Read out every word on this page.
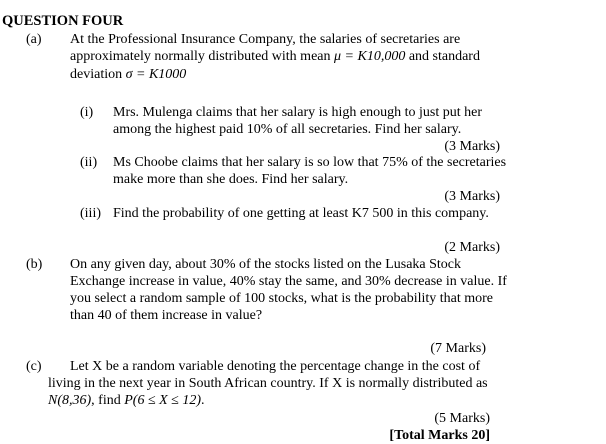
QUESTION FOUR
(a) At the Professional Insurance Company, the salaries of secretaries are
approximately normally distributed with mean μ = K10,000 and standard
deviation σ = K1000
(i) Mrs. Mulenga claims that her salary is high enough to just put her
among the highest paid 10% of all secretaries. Find her salary.
(3 Marks)
(ii) Ms Choobe claims that her salary is so low that 75% of the secretaries
make more than she does. Find her salary.
(3 Marks)
(iii) Find the probability of one getting at least K7 500 in this company.
(2 Marks)
(b) On any given day, about 30% of the stocks listed on the Lusaka Stock
Exchange increase in value, 40% stay the same, and 30% decrease in value. If
you select a random sample of 100 stocks, what is the probability that more
than 40 of them increase in value?
(7 Marks)
(c) Let X be a random variable denoting the percentage change in the cost of
living in the next year in South African country. If X is normally distributed as
N(8,36), find P(6 ≤ X ≤ 12).
(5 Marks)
[Total Marks 20]
